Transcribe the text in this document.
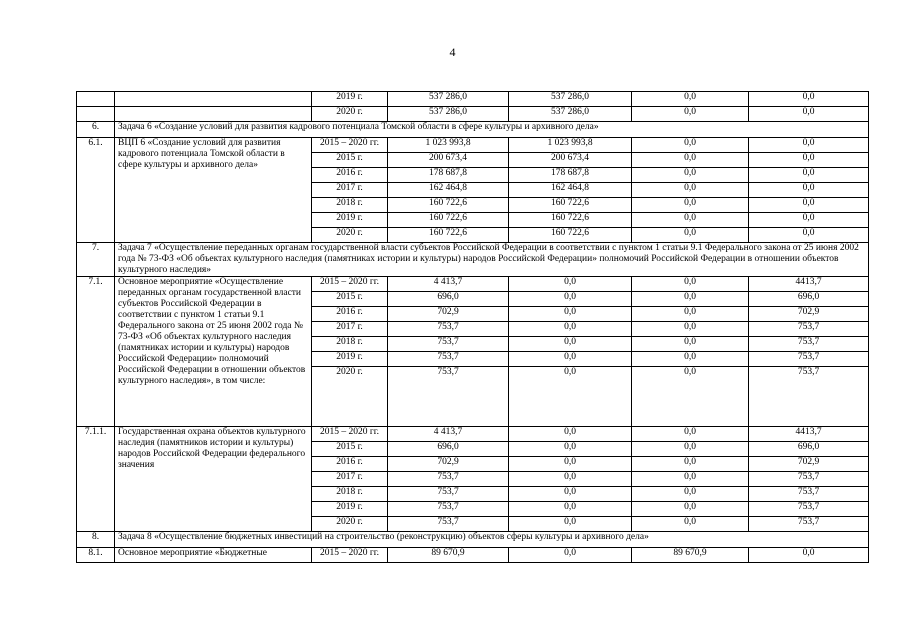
4
		2019 г.	537 286,0	537 286,0	0,0	0,0
		2020 г.	537 286,0	537 286,0	0,0	0,0
6.	Задача 6 «Создание условий для развития кадрового потенциала Томской области в сфере культуры и архивного дела»					
6.1.	ВЦП 6 «Создание условий для развития кадрового потенциала Томской области в сфере культуры и архивного дела»	2015 – 2020 гг.	1 023 993,8	1 023 993,8	0,0	0,0
		2015 г.	200 673,4	200 673,4	0,0	0,0
		2016 г.	178 687,8	178 687,8	0,0	0,0
		2017 г.	162 464,8	162 464,8	0,0	0,0
		2018 г.	160 722,6	160 722,6	0,0	0,0
		2019 г.	160 722,6	160 722,6	0,0	0,0
		2020 г.	160 722,6	160 722,6	0,0	0,0
7.	Задача 7 «Осуществление переданных органам государственной власти субъектов Российской Федерации в соответствии с пунктом 1 статьи 9.1 Федерального закона от 25 июня 2002 года № 73-ФЗ «Об объектах культурного наследия (памятниках истории и культуры) народов Российской Федерации» полномочий Российской Федерации в отношении объектов культурного наследия»					
7.1.	Основное мероприятие «Осуществление переданных органам государственной власти субъектов Российской Федерации в соответствии с пунктом 1 статьи 9.1 Федерального закона от 25 июня 2002 года № 73-ФЗ «Об объектах культурного наследия (памятниках истории и культуры) народов Российской Федерации» полномочий Российской Федерации в отношении объектов культурного наследия», в том числе:	2015 – 2020 гг.	4 413,7	0,0	0,0	4413,7
		2015 г.	696,0	0,0	0,0	696,0
		2016 г.	702,9	0,0	0,0	702,9
		2017 г.	753,7	0,0	0,0	753,7
		2018 г.	753,7	0,0	0,0	753,7
		2019 г.	753,7	0,0	0,0	753,7
		2020 г.	753,7	0,0	0,0	753,7
7.1.1.	Государственная охрана объектов культурного наследия (памятников истории и культуры) народов Российской Федерации федерального значения	2015 – 2020 гг.	4 413,7	0,0	0,0	4413,7
		2015 г.	696,0	0,0	0,0	696,0
		2016 г.	702,9	0,0	0,0	702,9
		2017 г.	753,7	0,0	0,0	753,7
		2018 г.	753,7	0,0	0,0	753,7
		2019 г.	753,7	0,0	0,0	753,7
		2020 г.	753,7	0,0	0,0	753,7
8.	Задача 8 «Осуществление бюджетных инвестиций на строительство (реконструкцию) объектов сферы культуры и архивного дела»					
8.1.	Основное мероприятие «Бюджетные	2015 – 2020 гг.	89 670,9	0,0	89 670,9	0,0
